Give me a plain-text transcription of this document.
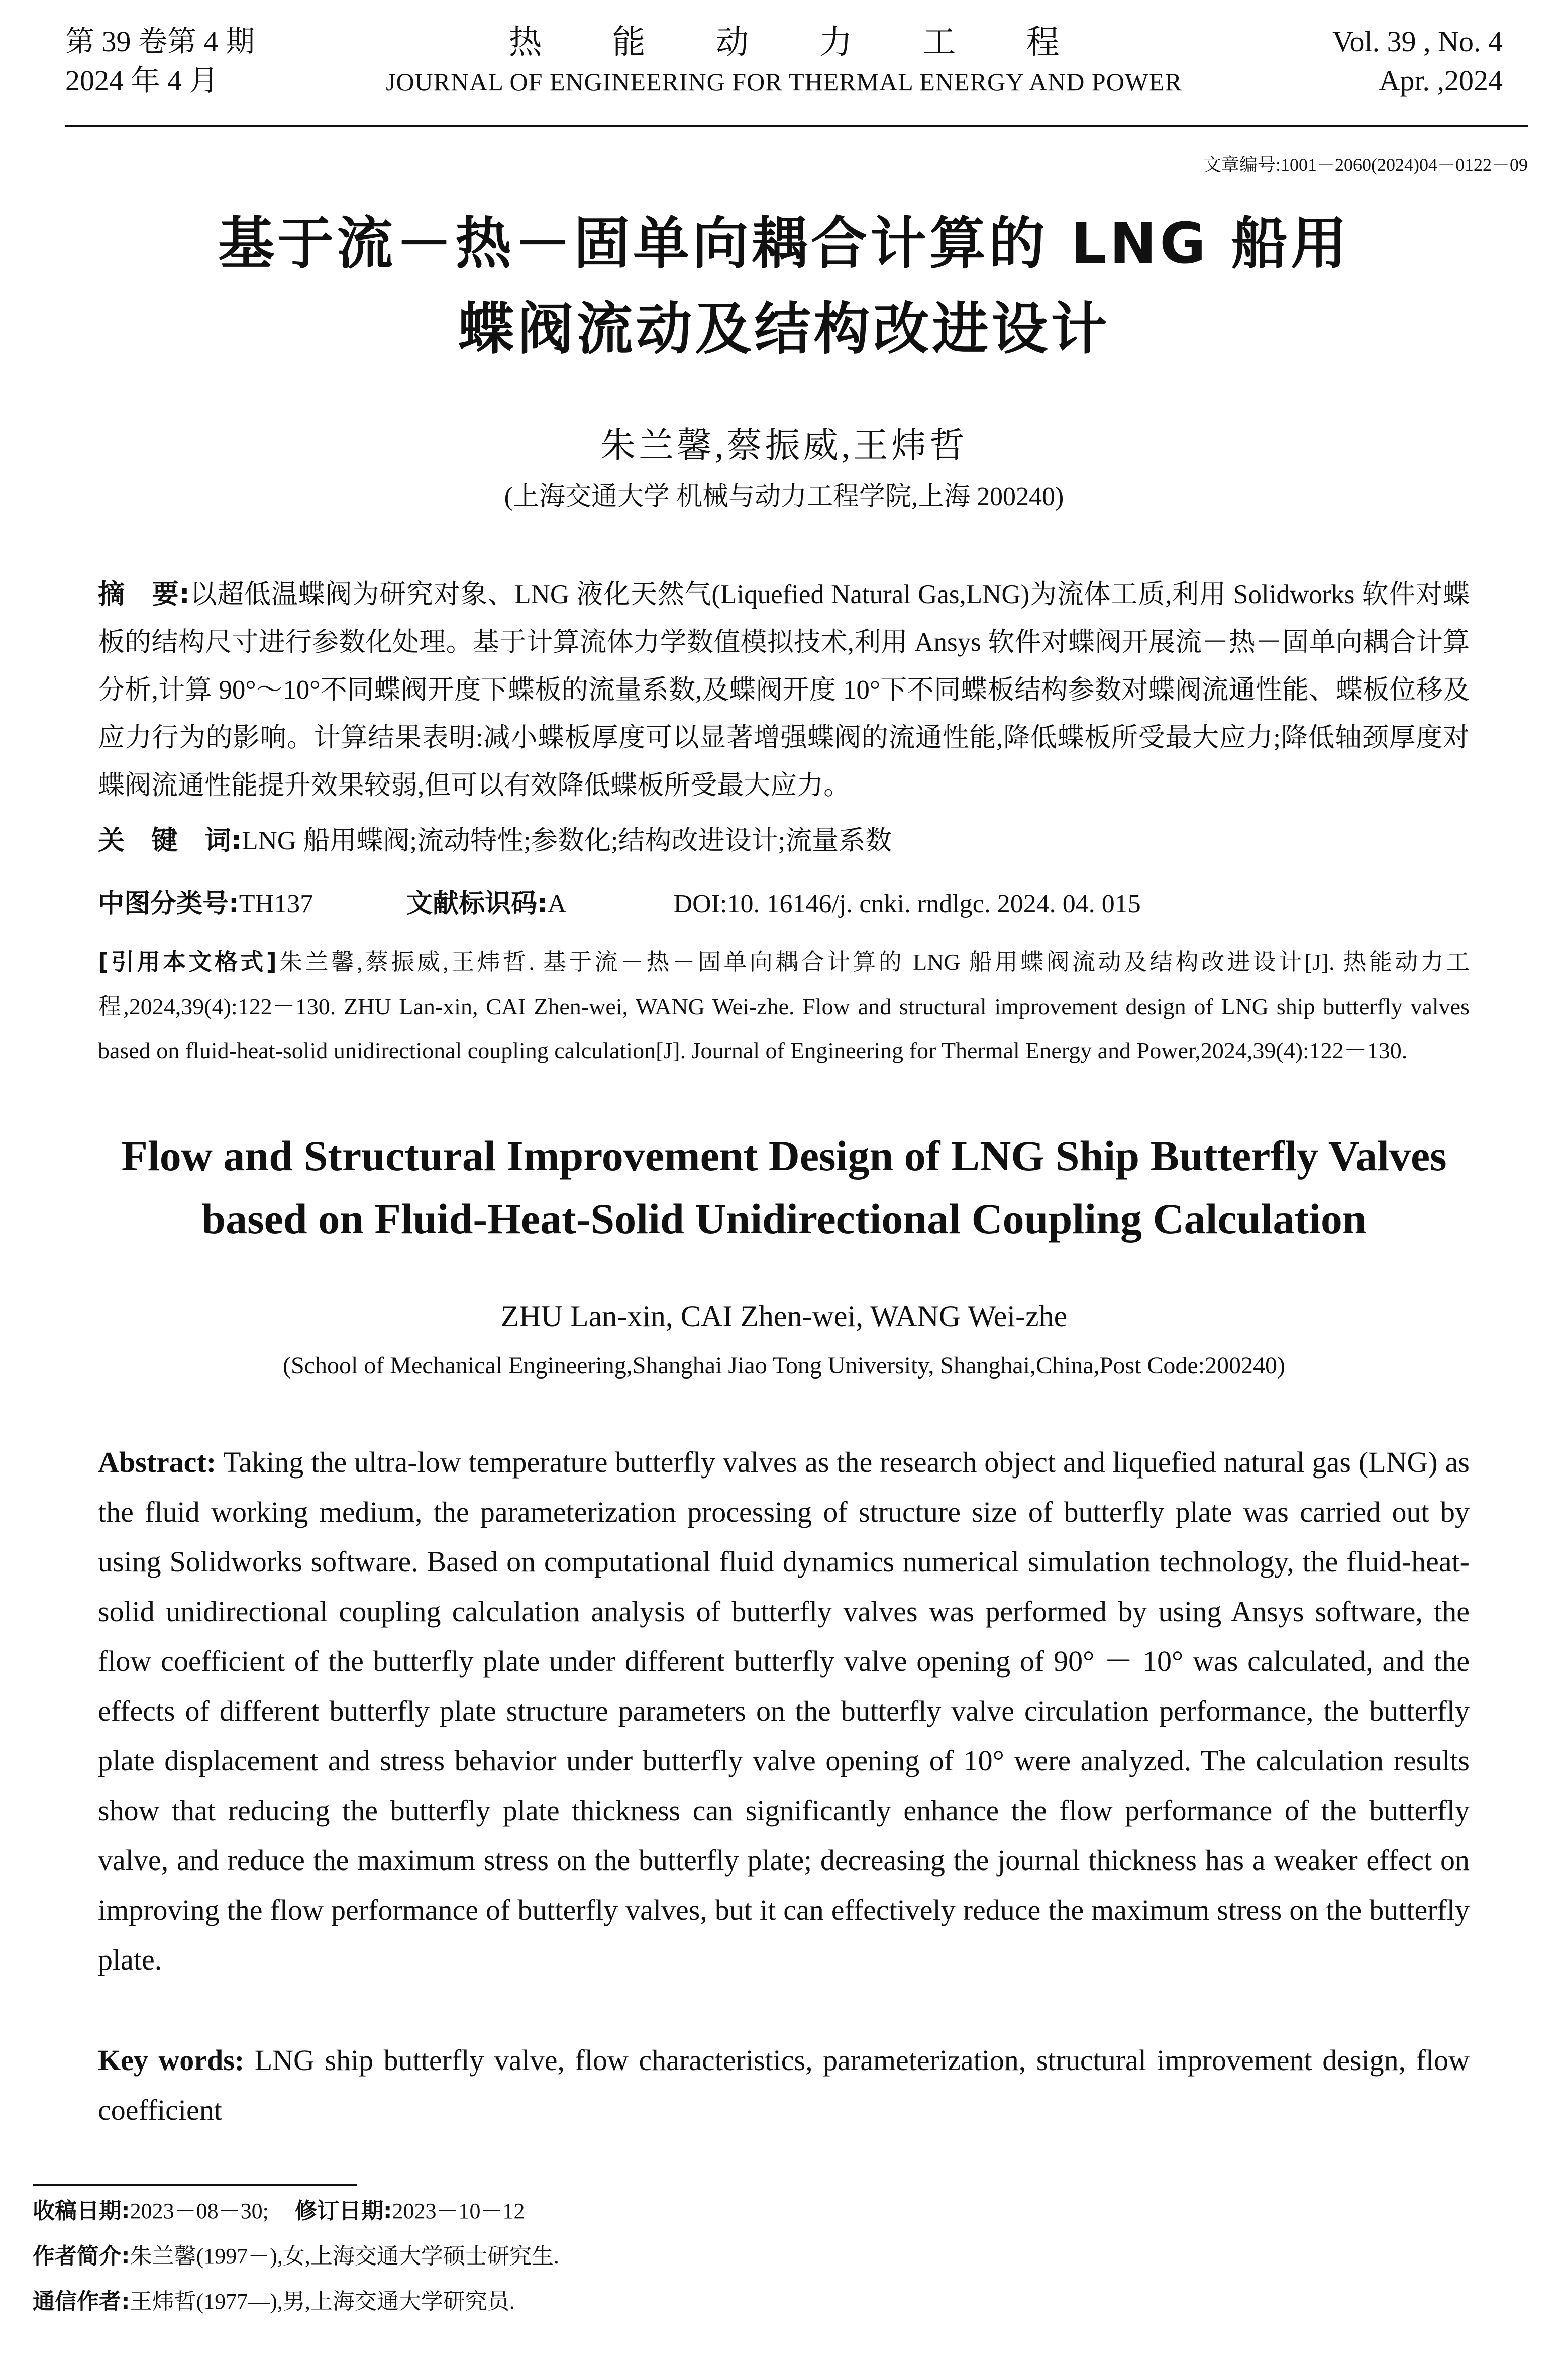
第 39 卷第 4 期
2024 年 4 月
热能动力工程
JOURNAL OF ENGINEERING FOR THERMAL ENERGY AND POWER
Vol. 39 , No. 4
Apr. ,2024
文章编号:1001－2060(2024)04－0122－09
基于流－热－固单向耦合计算的 LNG 船用
蝶阀流动及结构改进设计
朱兰馨,蔡振威,王炜哲
(上海交通大学 机械与动力工程学院,上海 200240)
摘　要:以超低温蝶阀为研究对象、LNG 液化天然气(Liquefied Natural Gas,LNG)为流体工质,利用 Solidworks 软件对蝶板的结构尺寸进行参数化处理。基于计算流体力学数值模拟技术,利用 Ansys 软件对蝶阀开展流－热－固单向耦合计算分析,计算 90°～10°不同蝶阀开度下蝶板的流量系数,及蝶阀开度 10°下不同蝶板结构参数对蝶阀流通性能、蝶板位移及应力行为的影响。计算结果表明:减小蝶板厚度可以显著增强蝶阀的流通性能,降低蝶板所受最大应力;降低轴颈厚度对蝶阀流通性能提升效果较弱,但可以有效降低蝶板所受最大应力。
关　键　词:LNG 船用蝶阀;流动特性;参数化;结构改进设计;流量系数
中图分类号:TH137	文献标识码:A	DOI:10. 16146/j. cnki. rndlgc. 2024. 04. 015
[引用本文格式]朱兰馨,蔡振威,王炜哲. 基于流－热－固单向耦合计算的 LNG 船用蝶阀流动及结构改进设计[J]. 热能动力工程,2024,39(4):122－130. ZHU Lan-xin, CAI Zhen-wei, WANG Wei-zhe. Flow and structural improvement design of LNG ship butterfly valves based on fluid-heat-solid unidirectional coupling calculation[J]. Journal of Engineering for Thermal Energy and Power,2024,39(4):122－130.
Flow and Structural Improvement Design of LNG Ship Butterfly Valves
based on Fluid-Heat-Solid Unidirectional Coupling Calculation
ZHU Lan-xin, CAI Zhen-wei, WANG Wei-zhe
(School of Mechanical Engineering,Shanghai Jiao Tong University, Shanghai,China,Post Code:200240)
Abstract: Taking the ultra-low temperature butterfly valves as the research object and liquefied natural gas (LNG) as the fluid working medium, the parameterization processing of structure size of butterfly plate was carried out by using Solidworks software. Based on computational fluid dynamics numerical simulation technology, the fluid-heat-solid unidirectional coupling calculation analysis of butterfly valves was performed by using Ansys software, the flow coefficient of the butterfly plate under different butterfly valve opening of 90° － 10° was calculated, and the effects of different butterfly plate structure parameters on the butterfly valve circulation performance, the butterfly plate displacement and stress behavior under butterfly valve opening of 10° were analyzed. The calculation results show that reducing the butterfly plate thickness can significantly enhance the flow performance of the butterfly valve, and reduce the maximum stress on the butterfly plate; decreasing the journal thickness has a weaker effect on improving the flow performance of butterfly valves, but it can effectively reduce the maximum stress on the butterfly plate.
Key words: LNG ship butterfly valve, flow characteristics, parameterization, structural improvement design, flow coefficient
收稿日期:2023－08－30; 修订日期:2023－10－12
作者简介:朱兰馨(1997－),女,上海交通大学硕士研究生.
通信作者:王炜哲(1977—),男,上海交通大学研究员.
